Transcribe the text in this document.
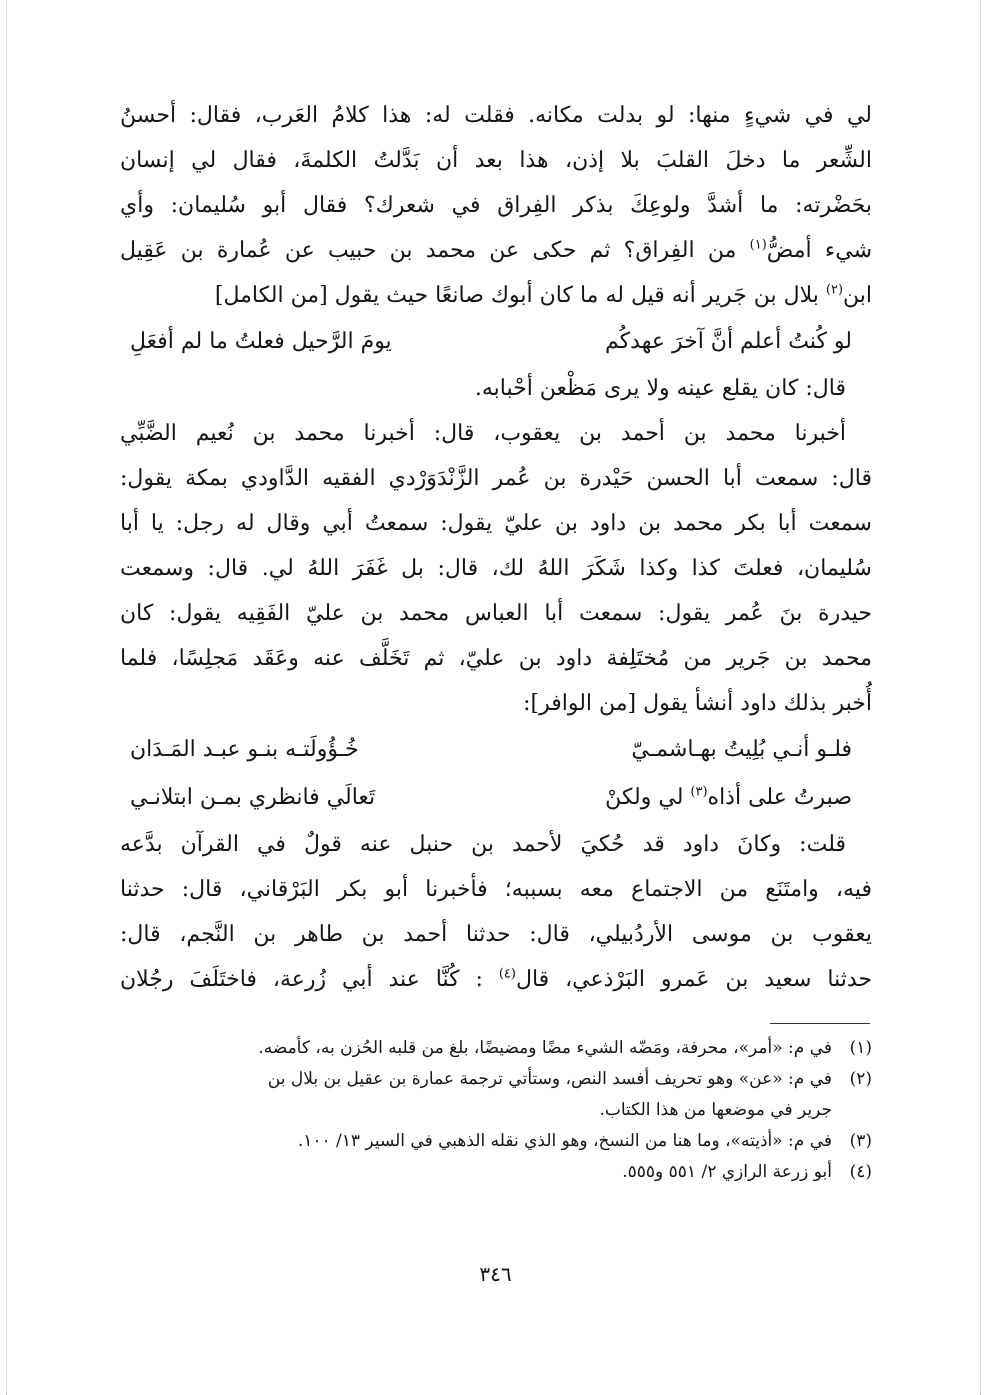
لي في شيءٍ منها: لو بدلت مكانه. فقلت له: هذا كلامُ العَرب، فقال: أحسنُ
الشِّعر ما دخلَ القلبَ بلا إذن، هذا بعد أن بَدَّلتُ الكلمةَ، فقال لي إنسان
بحَضْرته: ما أشدَّ ولوعِكَ بذكر الفِراق في شعرك؟ فقال أبو سُليمان: وأي
شيء أمضُّ$^{(١)}$ من الفِراق؟ ثم حكى عن محمد بن حبيب عن عُمارة بن عَقِيل
ابن$^{(٢)}$ بلال بن جَرير أنه قيل له ما كان أبوك صانعًا حيث يقول [من الكامل]
لو كُنتُ أعلم أنَّ آخرَ عهدكُم
يومَ الرَّحيل فعلتُ ما لم أفعَلِ
قال: كان يقلع عينه ولا يرى مَظْعن أحْبابه.
أخبرنا محمد بن أحمد بن يعقوب، قال: أخبرنا محمد بن نُعيم الضَّبِّي
قال: سمعت أبا الحسن حَيْدرة بن عُمر الزَّنْدَوَرْدي الفقيه الدَّاودي بمكة يقول:
سمعت أبا بكر محمد بن داود بن عليّ يقول: سمعتُ أبي وقال له رجل: يا أبا
سُليمان، فعلتَ كذا وكذا شَكَرَ اللهُ لك، قال: بل غَفَرَ اللهُ لي. قال: وسمعت
حيدرة بنَ عُمر يقول: سمعت أبا العباس محمد بن عليّ الفَقِيه يقول: كان
محمد بن جَرير من مُختَلِفة داود بن عليّ، ثم تَخَلَّف عنه وعَقَد مَجلِسًا، فلما
أُخبر بذلك داود أنشأ يقول [من الوافر]:
فلـو أنـي بُلِيتُ بهـاشمـيّ
خُـؤُولَتـه بنـو عبـد المَـدَان
صبرتُ على أذاه$^{(٣)}$ لي ولكنْ
تَعالَي فانظري بمـن ابتلانـي
قلت: وكانَ داود قد حُكيَ لأحمد بن حنبل عنه قولٌ في القرآن بدَّعه
فيه، وامتَنَع من الاجتماع معه بسببه؛ فأخبرنا أبو بكر البَرْقاني، قال: حدثنا
يعقوب بن موسى الأردُبيلي، قال: حدثنا أحمد بن طاهر بن النَّجم، قال:
حدثنا سعيد بن عَمرو البَرْذعي، قال$^{(٤)}$ : كُنَّا عند أبي زُرعة، فاختَلَفَ رجُلان
(١)
في م: «أمر»، محرفة، ومَضّه الشيء مضًا ومضيضًا، بلغ من قلبه الحُزن به، كأمضه.
(٢)
في م: «عن» وهو تحريف أفسد النص، وستأتي ترجمة عمارة بن عقيل بن بلال بن
جرير في موضعها من هذا الكتاب.
(٣)
في م: «أذيته»، وما هنا من النسخ، وهو الذي نقله الذهبي في السير ١٣/ ١٠٠.
(٤)
أبو زرعة الرازي ٢/ ٥٥١ و٥٥٥.
٣٤٦
